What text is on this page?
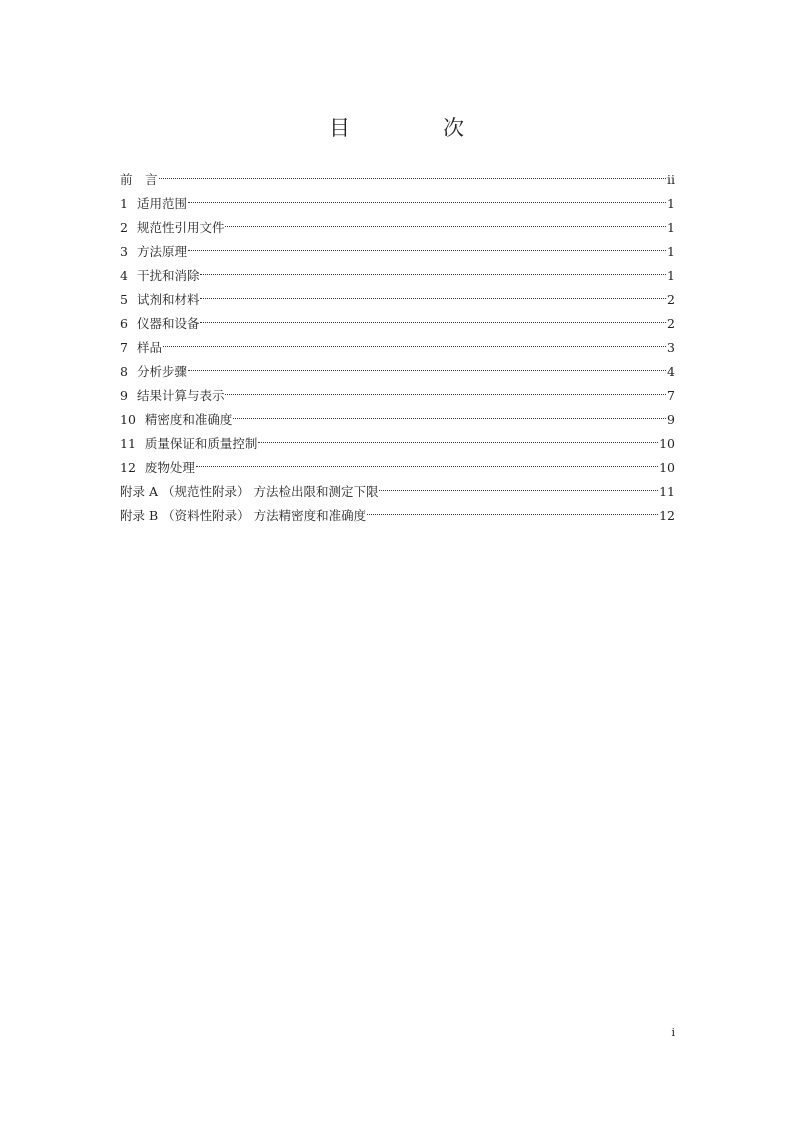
目　次
前　言	ii
1 适用范围	1
2 规范性引用文件	1
3 方法原理	1
4 干扰和消除	1
5 试剂和材料	2
6 仪器和设备	2
7 样品	3
8 分析步骤	4
9 结果计算与表示	7
10 精密度和准确度	9
11 质量保证和质量控制	10
12 废物处理	10
附录 A （规范性附录） 方法检出限和测定下限	11
附录 B （资料性附录） 方法精密度和准确度	12
i
